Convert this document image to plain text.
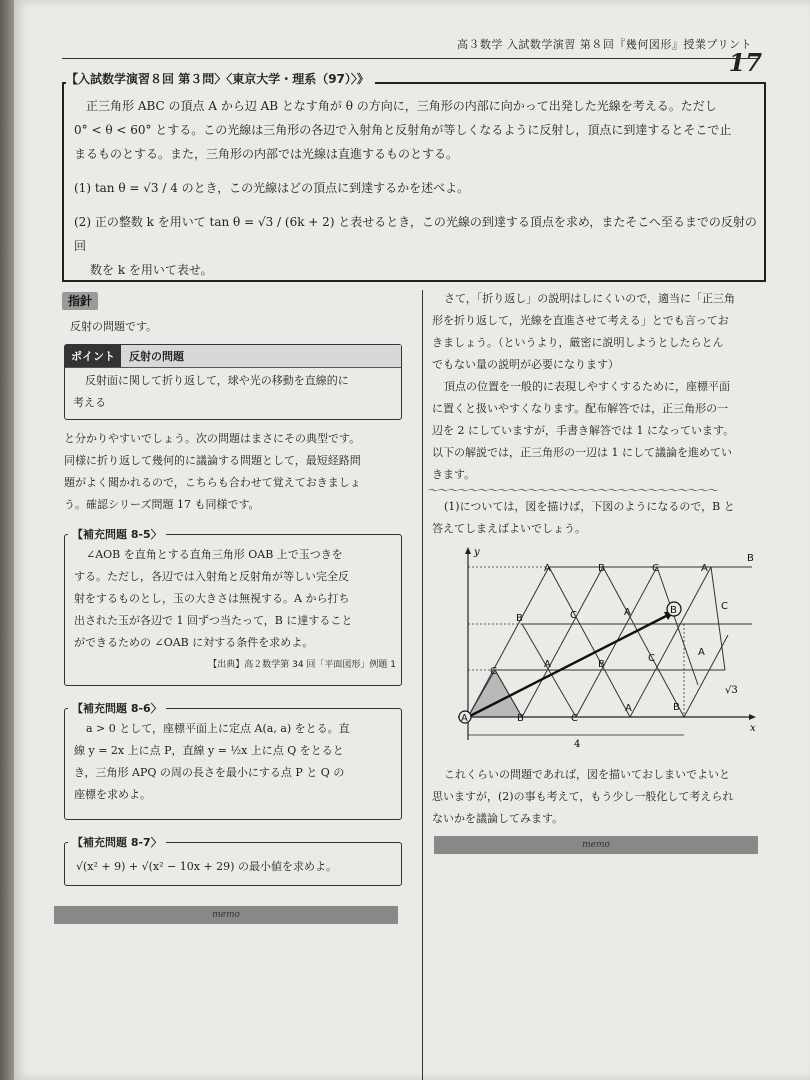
高３数学 入試数学演習 第８回『幾何図形』授業プリント
17
【入試数学演習８回 第３問〉〈東京大学・理系（97）〉》
正三角形 ABC の頂点 A から辺 AB となす角が θ の方向に，三角形の内部に向かって出発した光線を考える。ただし
0° < θ < 60° とする。この光線は三角形の各辺で入射角と反射角が等しくなるように反射し，頂点に到達するとそこで止
まるものとする。また，三角形の内部では光線は直進するものとする。
(1) tan θ = √3 / 4 のとき，この光線はどの頂点に到達するかを述べよ。
(2) 正の整数 k を用いて tan θ = √3 / (6k + 2) と表せるとき，この光線の到達する頂点を求め，またそこへ至るまでの反射の回
数を k を用いて表せ。
指針
反射の問題です。
ポイント	反射の問題
反射面に関して折り返して，球や光の移動を直線的に
考える
と分かりやすいでしょう。次の問題はまさにその典型です。
同様に折り返して幾何的に議論する問題として，最短経路問
題がよく聞かれるので，こちらも合わせて覚えておきましょ
う。確認シリーズ問題 17 も同様です。
【補充問題 8-5〉
∠AOB を直角とする直角三角形 OAB 上で玉つきを
する。ただし，各辺では入射角と反射角が等しい完全反
射をするものとし，玉の大きさは無視する。A から打ち
出された玉が各辺で 1 回ずつ当たって，B に達すること
ができるための ∠OAB に対する条件を求めよ。
【出典】高２数学第 34 回「平面図形」例題 1
【補充問題 8-6〉
a > 0 として，座標平面上に定点 A(a, a) をとる。直
線 y = 2x 上に点 P，直線 y = ½x 上に点 Q をとると
き，三角形 APQ の周の長さを最小にする点 P と Q の
座標を求めよ。
【補充問題 8-7〉
√(x² + 9) + √(x² − 10x + 29) の最小値を求めよ。
memo
さて，「折り返し」の説明はしにくいので，適当に「正三角
形を折り返して，光線を直進させて考える」とでも言ってお
きましょう。（というより，厳密に説明しようとしたらとん
でもない量の説明が必要になります）
頂点の位置を一般的に表現しやすくするために，座標平面
に置くと扱いやすくなります。配布解答では，正三角形の一
辺を 2 にしていますが，手書き解答では 1 になっています。
以下の解説では，正三角形の一辺は 1 にして議論を進めてい
きます。
〜〜〜〜〜〜〜〜〜〜〜〜〜〜〜〜〜〜〜〜〜〜〜〜〜〜〜〜〜
(1)については，図を描けば，下図のようになるので，B と
答えてしまえばよいでしょう。
A	B	C
A	B
A
C
A	B
C
B	C	A	B	C
A	B	C	A
B
y
x
4
√3
これくらいの問題であれば，図を描いておしまいでよいと
思いますが，(2)の事も考えて，もう少し一般化して考えられ
ないかを議論してみます。
memo
